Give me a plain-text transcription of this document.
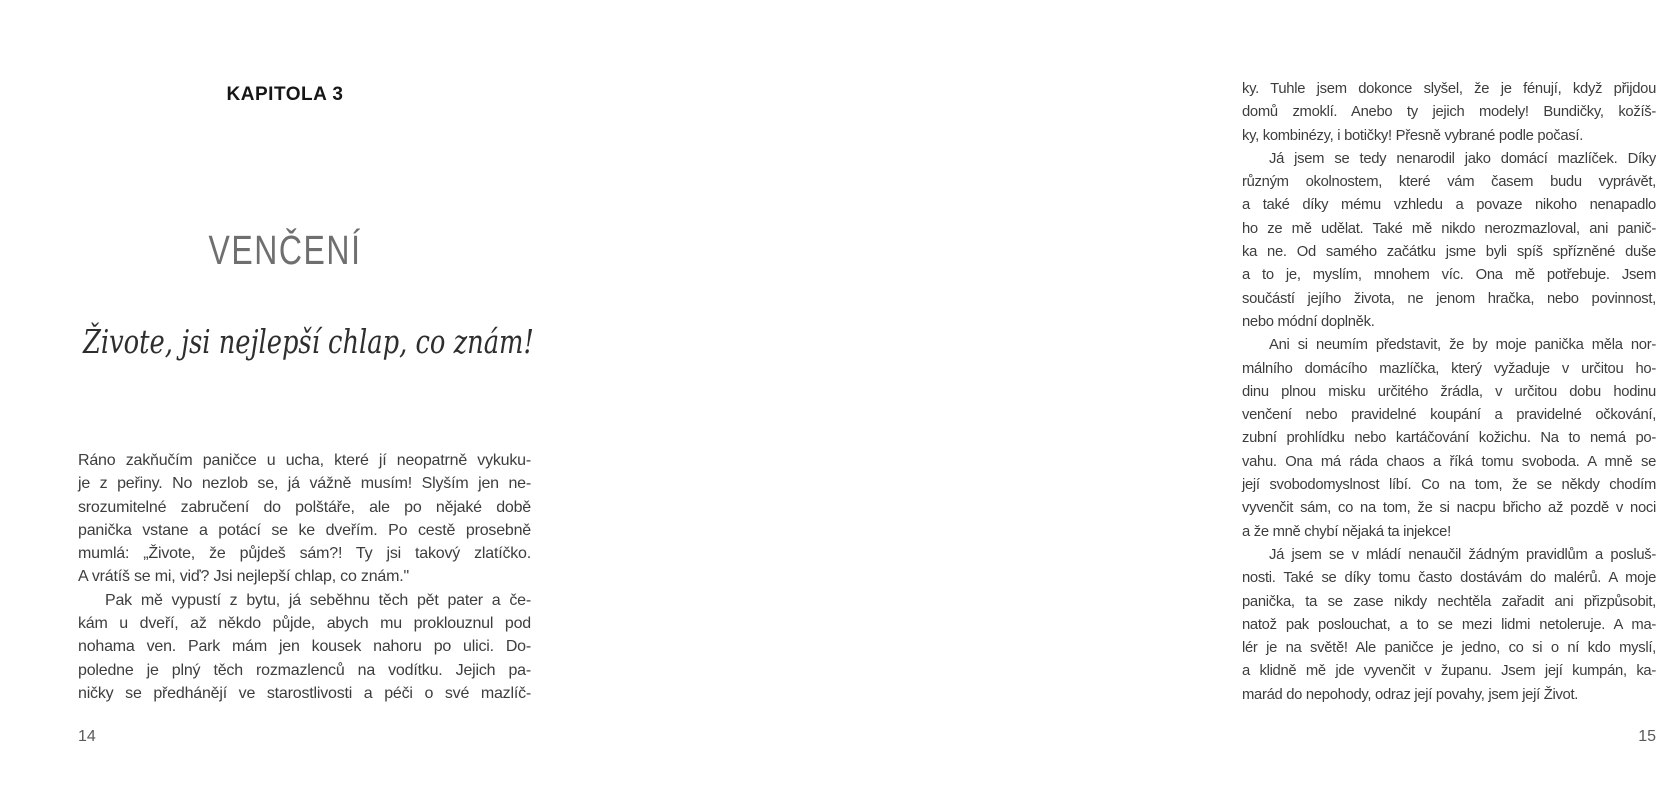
KAPITOLA 3
VENČENÍ
Živote, jsi nejlepší chlap, co znám!
Ráno zakňučím paničce u ucha, které jí neopatrně vykuku-
je z peřiny. No nezlob se, já vážně musím! Slyším jen ne-
srozumitelné zabručení do polštáře, ale po nějaké době
panička vstane a potácí se ke dveřím. Po cestě prosebně
mumlá: „Živote, že půjdeš sám?! Ty jsi takový zlatíčko.
A vrátíš se mi, viď? Jsi nejlepší chlap, co znám."
Pak mě vypustí z bytu, já seběhnu těch pět pater a če-
kám u dveří, až někdo půjde, abych mu proklouznul pod
nohama ven. Park mám jen kousek nahoru po ulici. Do-
poledne je plný těch rozmazlenců na vodítku. Jejich pa-
ničky se předhánějí ve starostlivosti a péči o své mazlíč-
14
ky. Tuhle jsem dokonce slyšel, že je fénují, když přijdou
domů zmoklí. Anebo ty jejich modely! Bundičky, kožíš-
ky, kombinézy, i botičky! Přesně vybrané podle počasí.
Já jsem se tedy nenarodil jako domácí mazlíček. Díky
různým okolnostem, které vám časem budu vyprávět,
a také díky mému vzhledu a povaze nikoho nenapadlo
ho ze mě udělat. Také mě nikdo nerozmazloval, ani panič-
ka ne. Od samého začátku jsme byli spíš spřízněné duše
a to je, myslím, mnohem víc. Ona mě potřebuje. Jsem
součástí jejího života, ne jenom hračka, nebo povinnost,
nebo módní doplněk.
Ani si neumím představit, že by moje panička měla nor-
málního domácího mazlíčka, který vyžaduje v určitou ho-
dinu plnou misku určitého žrádla, v určitou dobu hodinu
venčení nebo pravidelné koupání a pravidelné očkování,
zubní prohlídku nebo kartáčování kožichu. Na to nemá po-
vahu. Ona má ráda chaos a říká tomu svoboda. A mně se
její svobodomyslnost líbí. Co na tom, že se někdy chodím
vyvenčit sám, co na tom, že si nacpu břicho až pozdě v noci
a že mně chybí nějaká ta injekce!
Já jsem se v mládí nenaučil žádným pravidlům a posluš-
nosti. Také se díky tomu často dostávám do malérů. A moje
panička, ta se zase nikdy nechtěla zařadit ani přizpůsobit,
natož pak poslouchat, a to se mezi lidmi netoleruje. A ma-
lér je na světě! Ale paničce je jedno, co si o ní kdo myslí,
a klidně mě jde vyvenčit v županu. Jsem její kumpán, ka-
marád do nepohody, odraz její povahy, jsem její Život.
15
